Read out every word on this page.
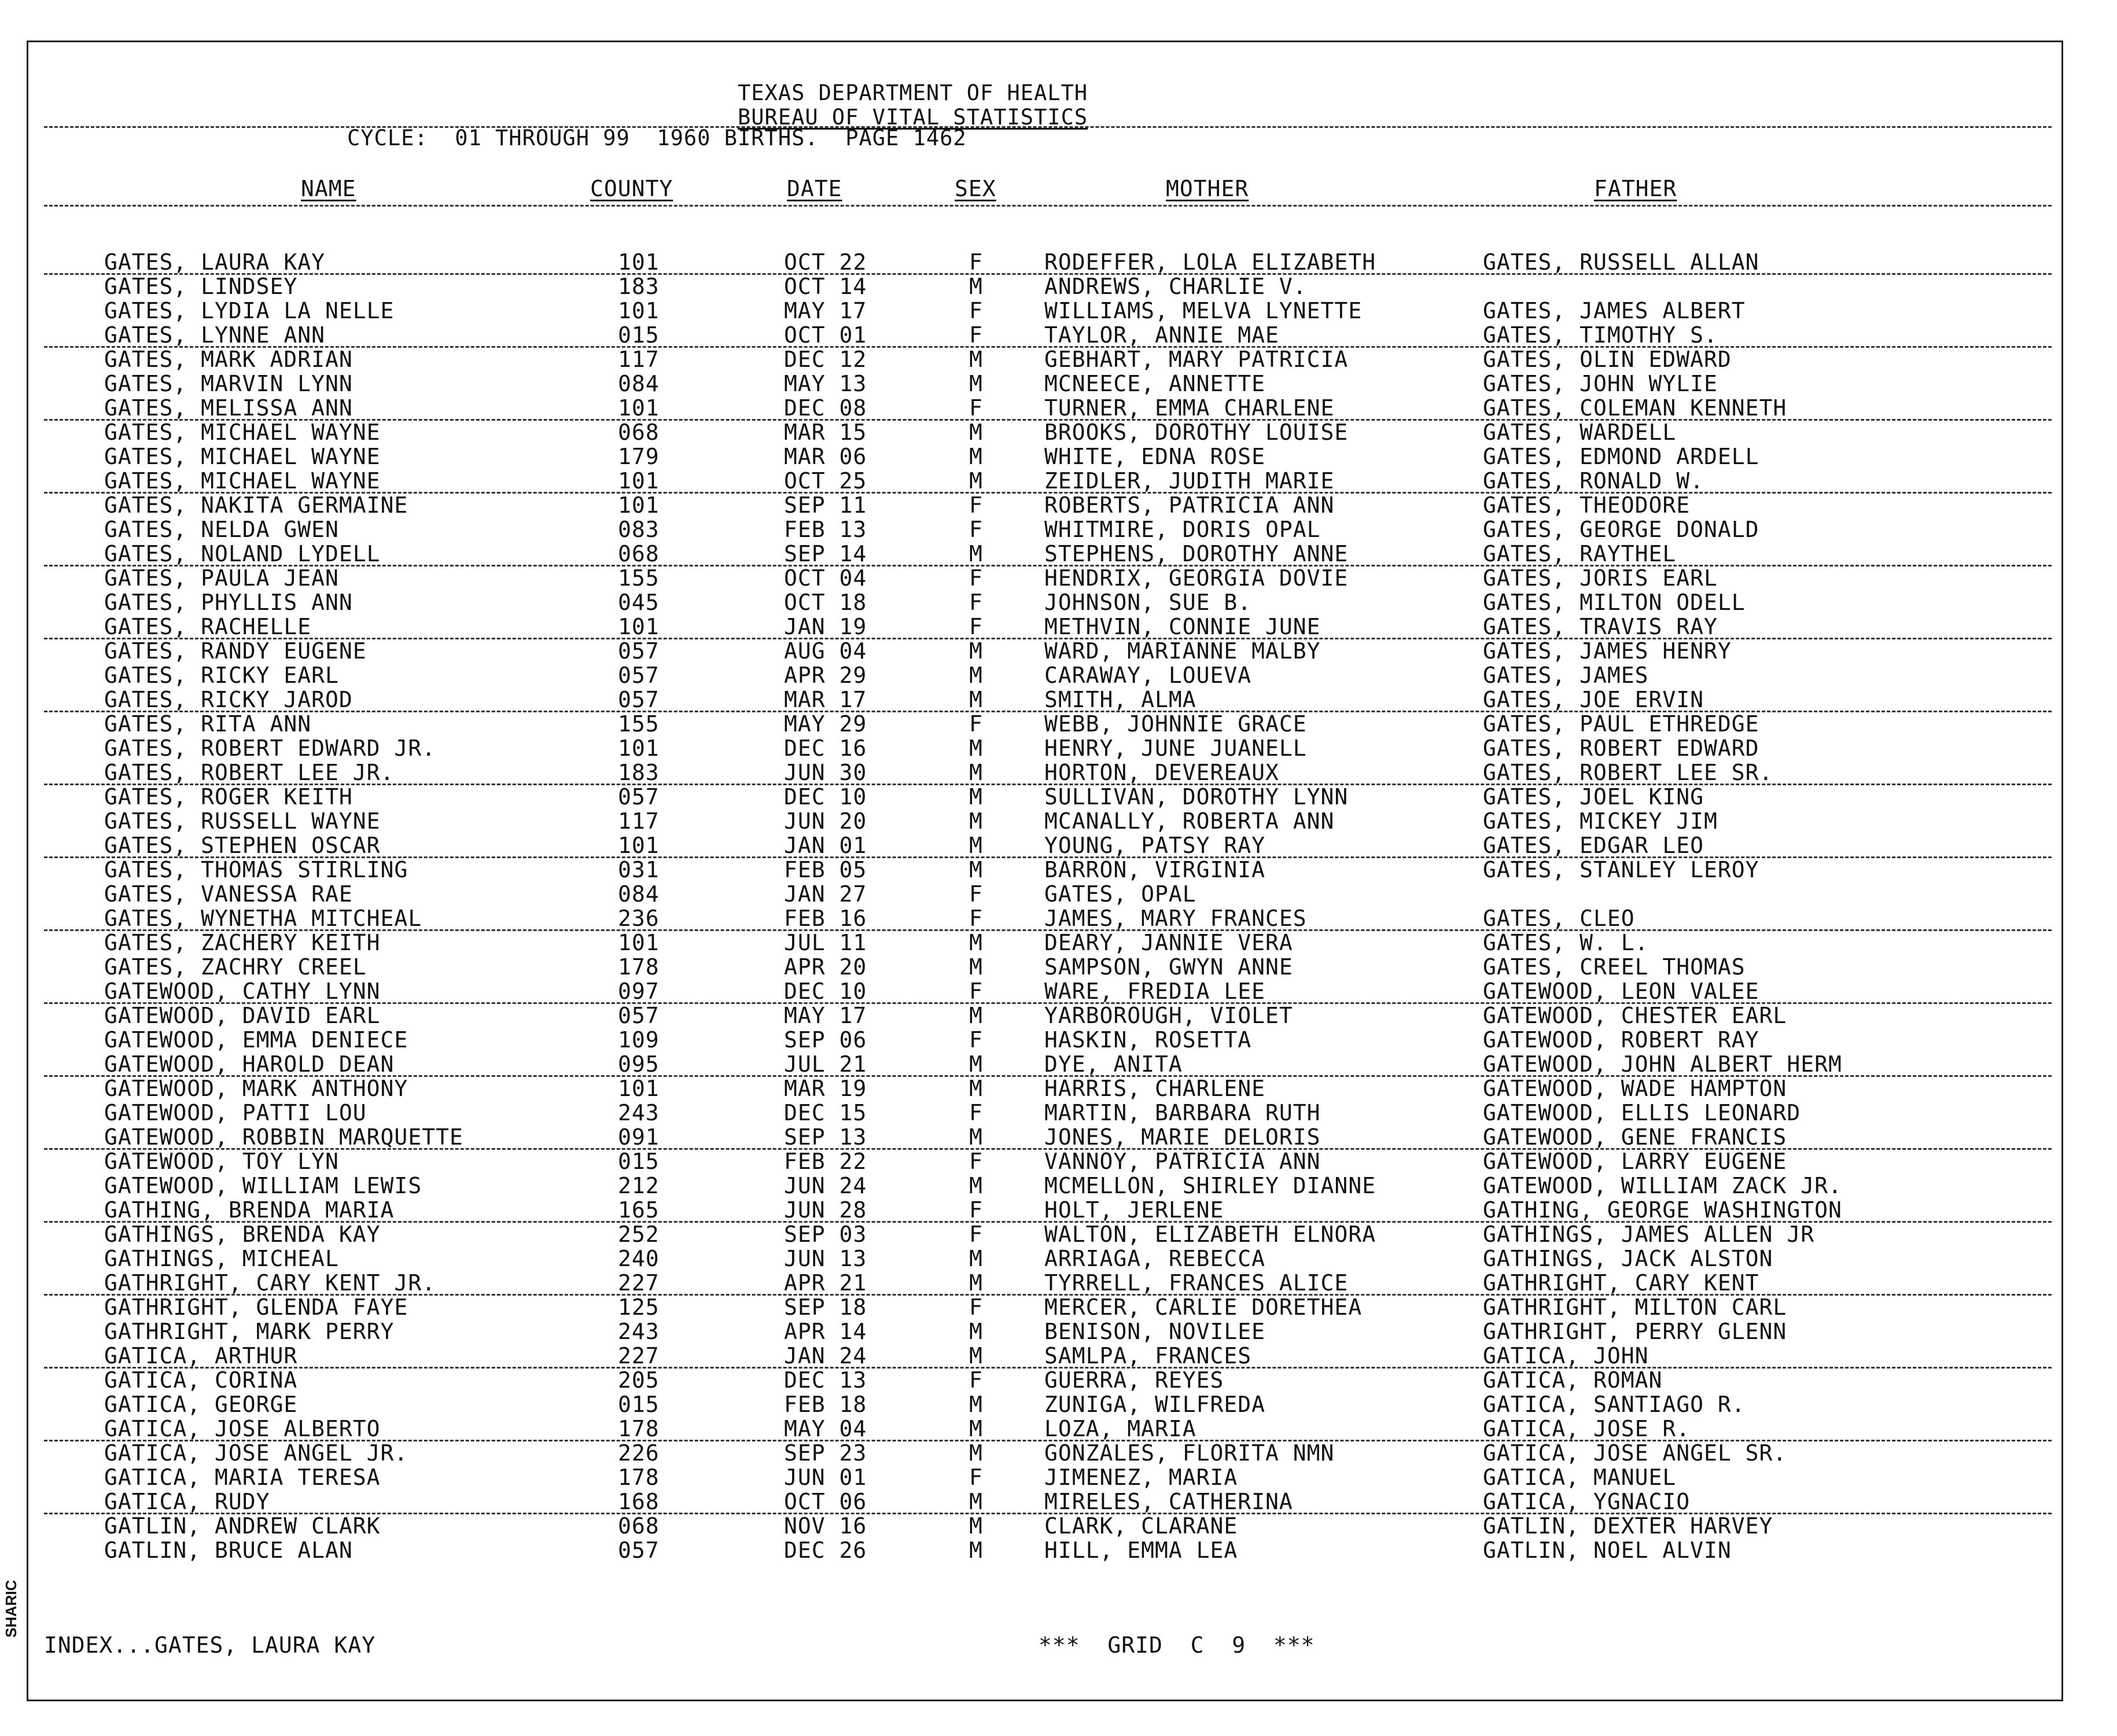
TEXAS DEPARTMENT OF HEALTH
BUREAU OF VITAL STATISTICS
CYCLE:  01 THROUGH 99  1960 BIRTHS.  PAGE 1462
NAME	COUNTY	DATE	SEX	MOTHER	FATHER
GATES, LAURA KAY	101	OCT 22	F	RODEFFER, LOLA ELIZABETH	GATES, RUSSELL ALLAN
GATES, LINDSEY	183	OCT 14	M	ANDREWS, CHARLIE V.
GATES, LYDIA LA NELLE	101	MAY 17	F	WILLIAMS, MELVA LYNETTE	GATES, JAMES ALBERT
GATES, LYNNE ANN	015	OCT 01	F	TAYLOR, ANNIE MAE	GATES, TIMOTHY S.
GATES, MARK ADRIAN	117	DEC 12	M	GEBHART, MARY PATRICIA	GATES, OLIN EDWARD
GATES, MARVIN LYNN	084	MAY 13	M	MCNEECE, ANNETTE	GATES, JOHN WYLIE
GATES, MELISSA ANN	101	DEC 08	F	TURNER, EMMA CHARLENE	GATES, COLEMAN KENNETH
GATES, MICHAEL WAYNE	068	MAR 15	M	BROOKS, DOROTHY LOUISE	GATES, WARDELL
GATES, MICHAEL WAYNE	179	MAR 06	M	WHITE, EDNA ROSE	GATES, EDMOND ARDELL
GATES, MICHAEL WAYNE	101	OCT 25	M	ZEIDLER, JUDITH MARIE	GATES, RONALD W.
GATES, NAKITA GERMAINE	101	SEP 11	F	ROBERTS, PATRICIA ANN	GATES, THEODORE
GATES, NELDA GWEN	083	FEB 13	F	WHITMIRE, DORIS OPAL	GATES, GEORGE DONALD
GATES, NOLAND LYDELL	068	SEP 14	M	STEPHENS, DOROTHY ANNE	GATES, RAYTHEL
GATES, PAULA JEAN	155	OCT 04	F	HENDRIX, GEORGIA DOVIE	GATES, JORIS EARL
GATES, PHYLLIS ANN	045	OCT 18	F	JOHNSON, SUE B.	GATES, MILTON ODELL
GATES, RACHELLE	101	JAN 19	F	METHVIN, CONNIE JUNE	GATES, TRAVIS RAY
GATES, RANDY EUGENE	057	AUG 04	M	WARD, MARIANNE MALBY	GATES, JAMES HENRY
GATES, RICKY EARL	057	APR 29	M	CARAWAY, LOUEVA	GATES, JAMES
GATES, RICKY JAROD	057	MAR 17	M	SMITH, ALMA	GATES, JOE ERVIN
GATES, RITA ANN	155	MAY 29	F	WEBB, JOHNNIE GRACE	GATES, PAUL ETHREDGE
GATES, ROBERT EDWARD JR.	101	DEC 16	M	HENRY, JUNE JUANELL	GATES, ROBERT EDWARD
GATES, ROBERT LEE JR.	183	JUN 30	M	HORTON, DEVEREAUX	GATES, ROBERT LEE SR.
GATES, ROGER KEITH	057	DEC 10	M	SULLIVAN, DOROTHY LYNN	GATES, JOEL KING
GATES, RUSSELL WAYNE	117	JUN 20	M	MCANALLY, ROBERTA ANN	GATES, MICKEY JIM
GATES, STEPHEN OSCAR	101	JAN 01	M	YOUNG, PATSY RAY	GATES, EDGAR LEO
GATES, THOMAS STIRLING	031	FEB 05	M	BARRON, VIRGINIA	GATES, STANLEY LEROY
GATES, VANESSA RAE	084	JAN 27	F	GATES, OPAL
GATES, WYNETHA MITCHEAL	236	FEB 16	F	JAMES, MARY FRANCES	GATES, CLEO
GATES, ZACHERY KEITH	101	JUL 11	M	DEARY, JANNIE VERA	GATES, W. L.
GATES, ZACHRY CREEL	178	APR 20	M	SAMPSON, GWYN ANNE	GATES, CREEL THOMAS
GATEWOOD, CATHY LYNN	097	DEC 10	F	WARE, FREDIA LEE	GATEWOOD, LEON VALEE
GATEWOOD, DAVID EARL	057	MAY 17	M	YARBOROUGH, VIOLET	GATEWOOD, CHESTER EARL
GATEWOOD, EMMA DENIECE	109	SEP 06	F	HASKIN, ROSETTA	GATEWOOD, ROBERT RAY
GATEWOOD, HAROLD DEAN	095	JUL 21	M	DYE, ANITA	GATEWOOD, JOHN ALBERT HERM
GATEWOOD, MARK ANTHONY	101	MAR 19	M	HARRIS, CHARLENE	GATEWOOD, WADE HAMPTON
GATEWOOD, PATTI LOU	243	DEC 15	F	MARTIN, BARBARA RUTH	GATEWOOD, ELLIS LEONARD
GATEWOOD, ROBBIN MARQUETTE	091	SEP 13	M	JONES, MARIE DELORIS	GATEWOOD, GENE FRANCIS
GATEWOOD, TOY LYN	015	FEB 22	F	VANNOY, PATRICIA ANN	GATEWOOD, LARRY EUGENE
GATEWOOD, WILLIAM LEWIS	212	JUN 24	M	MCMELLON, SHIRLEY DIANNE	GATEWOOD, WILLIAM ZACK JR.
GATHING, BRENDA MARIA	165	JUN 28	F	HOLT, JERLENE	GATHING, GEORGE WASHINGTON
GATHINGS, BRENDA KAY	252	SEP 03	F	WALTON, ELIZABETH ELNORA	GATHINGS, JAMES ALLEN JR
GATHINGS, MICHEAL	240	JUN 13	M	ARRIAGA, REBECCA	GATHINGS, JACK ALSTON
GATHRIGHT, CARY KENT JR.	227	APR 21	M	TYRRELL, FRANCES ALICE	GATHRIGHT, CARY KENT
GATHRIGHT, GLENDA FAYE	125	SEP 18	F	MERCER, CARLIE DORETHEA	GATHRIGHT, MILTON CARL
GATHRIGHT, MARK PERRY	243	APR 14	M	BENISON, NOVILEE	GATHRIGHT, PERRY GLENN
GATICA, ARTHUR	227	JAN 24	M	SAMLPA, FRANCES	GATICA, JOHN
GATICA, CORINA	205	DEC 13	F	GUERRA, REYES	GATICA, ROMAN
GATICA, GEORGE	015	FEB 18	M	ZUNIGA, WILFREDA	GATICA, SANTIAGO R.
GATICA, JOSE ALBERTO	178	MAY 04	M	LOZA, MARIA	GATICA, JOSE R.
GATICA, JOSE ANGEL JR.	226	SEP 23	M	GONZALES, FLORITA NMN	GATICA, JOSE ANGEL SR.
GATICA, MARIA TERESA	178	JUN 01	F	JIMENEZ, MARIA	GATICA, MANUEL
GATICA, RUDY	168	OCT 06	M	MIRELES, CATHERINA	GATICA, YGNACIO
GATLIN, ANDREW CLARK	068	NOV 16	M	CLARK, CLARANE	GATLIN, DEXTER HARVEY
GATLIN, BRUCE ALAN	057	DEC 26	M	HILL, EMMA LEA	GATLIN, NOEL ALVIN
INDEX...GATES, LAURA KAY	***  GRID  C  9  ***
SHARIC
